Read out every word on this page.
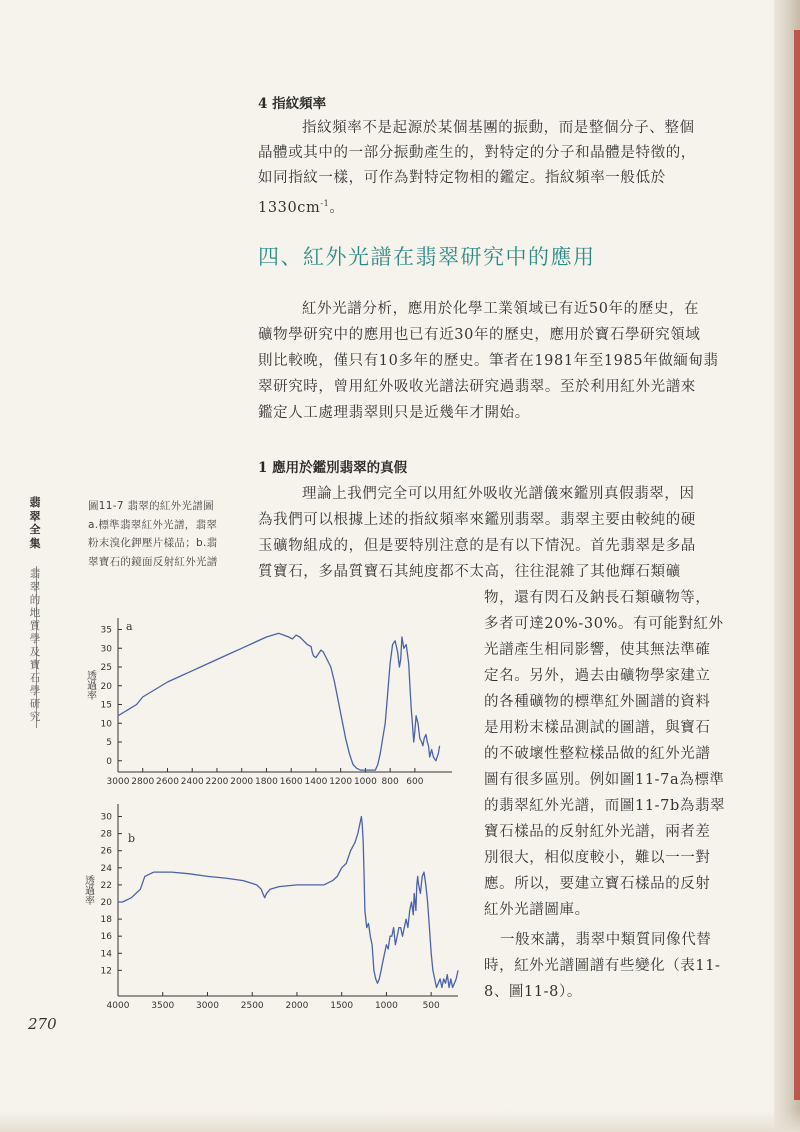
4 指紋頻率

指紋頻率不是起源於某個基團的振動，而是整個分子、整個

晶體或其中的一部分振動產生的，對特定的分子和晶體是特徵的，

如同指紋一樣，可作為對特定物相的鑑定。指紋頻率一般低於

$1330cm^{-1}$。

四、紅外光譜在翡翠研究中的應用

紅外光譜分析，應用於化學工業領域已有近50年的歷史，在

礦物學研究中的應用也已有近30年的歷史，應用於寶石學研究領域

則比較晚，僅只有10多年的歷史。筆者在1981年至1985年做緬甸翡

翠研究時，曾用紅外吸收光譜法研究過翡翠。至於利用紅外光譜來

鑑定人工處理翡翠則只是近幾年才開始。

1 應用於鑑別翡翠的真假

理論上我們完全可以用紅外吸收光譜儀來鑑別真假翡翠，因

為我們可以根據上述的指紋頻率來鑑別翡翠。翡翠主要由較純的硬

玉礦物組成的，但是要特別注意的是有以下情況。首先翡翠是多晶

質寶石，多晶質寶石其純度都不太高，往往混雜了其他輝石類礦

物，還有閃石及鈉長石類礦物等，

多者可達20%-30%。有可能對紅外

光譜產生相同影響，使其無法準確

定名。另外，過去由礦物學家建立

的各種礦物的標準紅外圖譜的資料

是用粉末樣品測試的圖譜，與寶石

的不破壞性整粒樣品做的紅外光譜

圖有很多區別。例如圖11-7a為標準

的翡翠紅外光譜，而圖11-7b為翡翠

寶石樣品的反射紅外光譜，兩者差

別很大，相似度較小，難以一一對

應。所以，要建立寶石樣品的反射

紅外光譜圖庫。

一般來講，翡翠中類質同像代替

時，紅外光譜圖譜有些變化（表11-

8、圖11-8）。

圖11-7 翡翠的紅外光譜圖
a.標準翡翠紅外光譜，翡翠
粉末溴化鉀壓片樣品；b.翡
翠寶石的鏡面反射紅外光譜
翡
翠
全
集
翡
翠
的
地
質
學
及
寶
石
學
研
究
270
35
30
25
20
15
10
5
0
3000 2800 2600 2400 2200 2000 1800 1600 1400 1200 1000 800 600
透過率
a
30
28
26
24
22
20
18
16
14
12
4000 3500 3000 2500 2000 1500 1000	500
透過率
b
